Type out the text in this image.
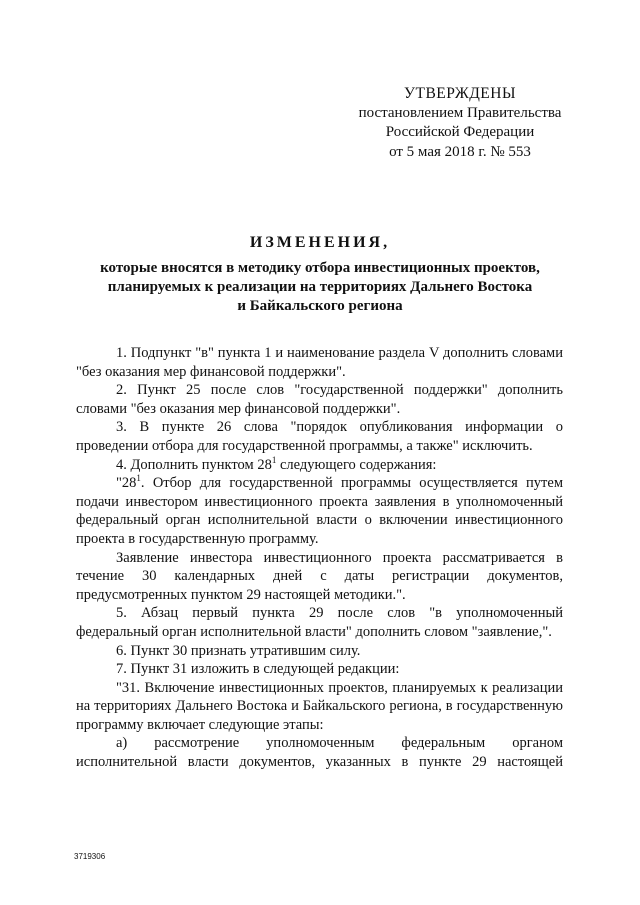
УТВЕРЖДЕНЫ
постановлением Правительства
Российской Федерации
от 5 мая 2018 г. № 553
ИЗМЕНЕНИЯ,
которые вносятся в методику отбора инвестиционных проектов,
планируемых к реализации на территориях Дальнего Востока
и Байкальского региона

1. Подпункт "в" пункта 1 и наименование раздела V дополнить словами "без оказания мер финансовой поддержки".

2. Пункт 25 после слов "государственной поддержки" дополнить словами "без оказания мер финансовой поддержки".

3. В пункте 26 слова "порядок опубликования информации о проведении отбора для государственной программы, а также" исключить.

4. Дополнить пунктом $28^1$ следующего содержания:

"$28^1$. Отбор для государственной программы осуществляется путем подачи инвестором инвестиционного проекта заявления в уполномоченный федеральный орган исполнительной власти о включении инвестиционного проекта в государственную программу.

Заявление инвестора инвестиционного проекта рассматривается в течение 30 календарных дней с даты регистрации документов, предусмотренных пунктом 29 настоящей методики.".

5. Абзац первый пункта 29 после слов "в уполномоченный федеральный орган исполнительной власти" дополнить словом "заявление,".

6. Пункт 30 признать утратившим силу.

7. Пункт 31 изложить в следующей редакции:

"31. Включение инвестиционных проектов, планируемых к реализации на территориях Дальнего Востока и Байкальского региона, в государственную программу включает следующие этапы:

а) рассмотрение уполномоченным федеральным органом исполнительной власти документов, указанных в пункте 29 настоящей

3719306
